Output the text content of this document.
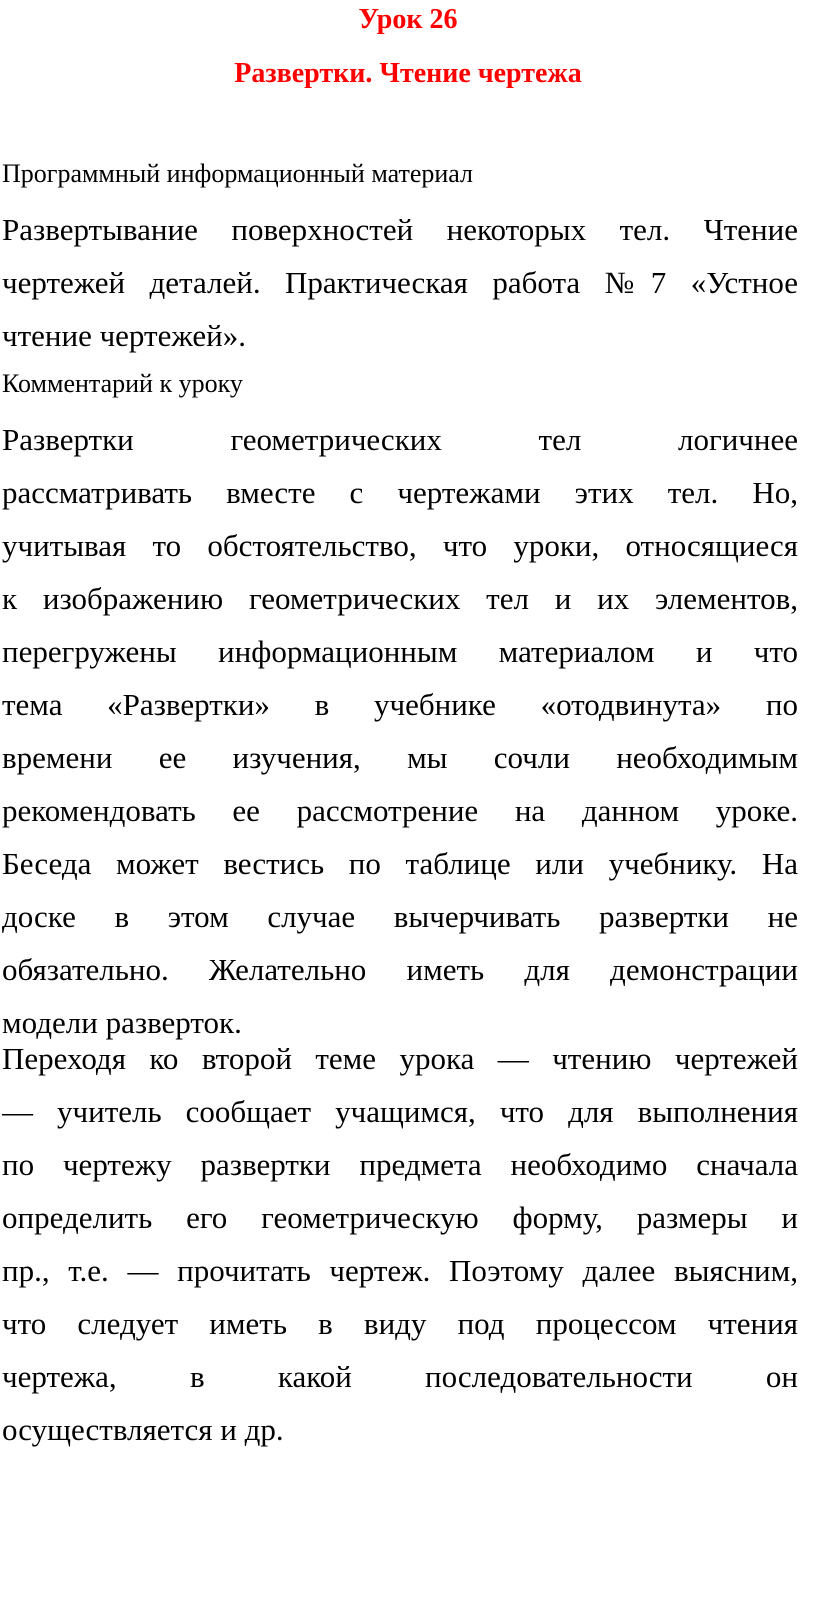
Урок 26
Развертки. Чтение чертежа

Программный информационный материал

Развертывание поверхностей некоторых тел. Чтение
чертежей деталей. Практическая работа №7 «Устное
чтение чертежей».

Комментарий к уроку

Развертки геометрических тел логичнее
рассматривать вместе с чертежами этих тел. Но,
учитывая то обстоятельство, что уроки, относящиеся
к изображению геометрических тел и их элементов,
перегружены информационным материалом и что
тема «Развертки» в учебнике «отодвинута» по
времени ее изучения, мы сочли необходимым
рекомендовать ее рассмотрение на данном уроке.
Беседа может вестись по таблице или учебнику. На
доске в этом случае вычерчивать развертки не
обязательно. Желательно иметь для демонстрации
модели разверток.
Переходя ко второй теме урока — чтению чертежей
— учитель сообщает учащимся, что для выполнения
по чертежу развертки предмета необходимо сначала
определить его геометрическую форму, размеры и
пр., т.е. — прочитать чертеж. Поэтому далее выясним,
что следует иметь в виду под процессом чтения
чертежа, в какой последовательности он
осуществляется и др.
